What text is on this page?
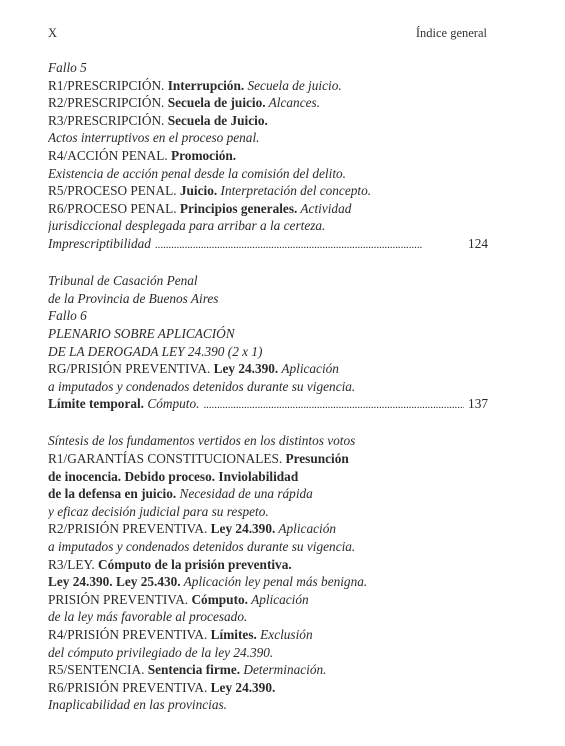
X	Índice general
Fallo 5
R1/PRESCRIPCIÓN. Interrupción. Secuela de juicio.
R2/PRESCRIPCIÓN. Secuela de juicio. Alcances.
R3/PRESCRIPCIÓN. Secuela de Juicio.
Actos interruptivos en el proceso penal.
R4/ACCIÓN PENAL. Promoción.
Existencia de acción penal desde la comisión del delito.
R5/PROCESO PENAL. Juicio. Interpretación del concepto.
R6/PROCESO PENAL. Principios generales. Actividad
jurisdiccional desplegada para arribar a la certeza.
Imprescriptibilidad . . .	124
Tribunal de Casación Penal
de la Provincia de Buenos Aires
Fallo 6
PLENARIO SOBRE APLICACIÓN
DE LA DEROGADA LEY 24.390 (2 x 1)
RG/PRISIÓN PREVENTIVA. Ley 24.390. Aplicación
a imputados y condenados detenidos durante su vigencia.
Límite temporal. Cómputo. . . .	137
Síntesis de los fundamentos vertidos en los distintos votos
R1/GARANTÍAS CONSTITUCIONALES. Presunción
de inocencia. Debido proceso. Inviolabilidad
de la defensa en juicio. Necesidad de una rápida
y eficaz decisión judicial para su respeto.
R2/PRISIÓN PREVENTIVA. Ley 24.390. Aplicación
a imputados y condenados detenidos durante su vigencia.
R3/LEY. Cómputo de la prisión preventiva.
Ley 24.390. Ley 25.430. Aplicación ley penal más benigna.
PRISIÓN PREVENTIVA. Cómputo. Aplicación
de la ley más favorable al procesado.
R4/PRISIÓN PREVENTIVA. Límites. Exclusión
del cómputo privilegiado de la ley 24.390.
R5/SENTENCIA. Sentencia firme. Determinación.
R6/PRISIÓN PREVENTIVA. Ley 24.390.
Inaplicabilidad en las provincias.
